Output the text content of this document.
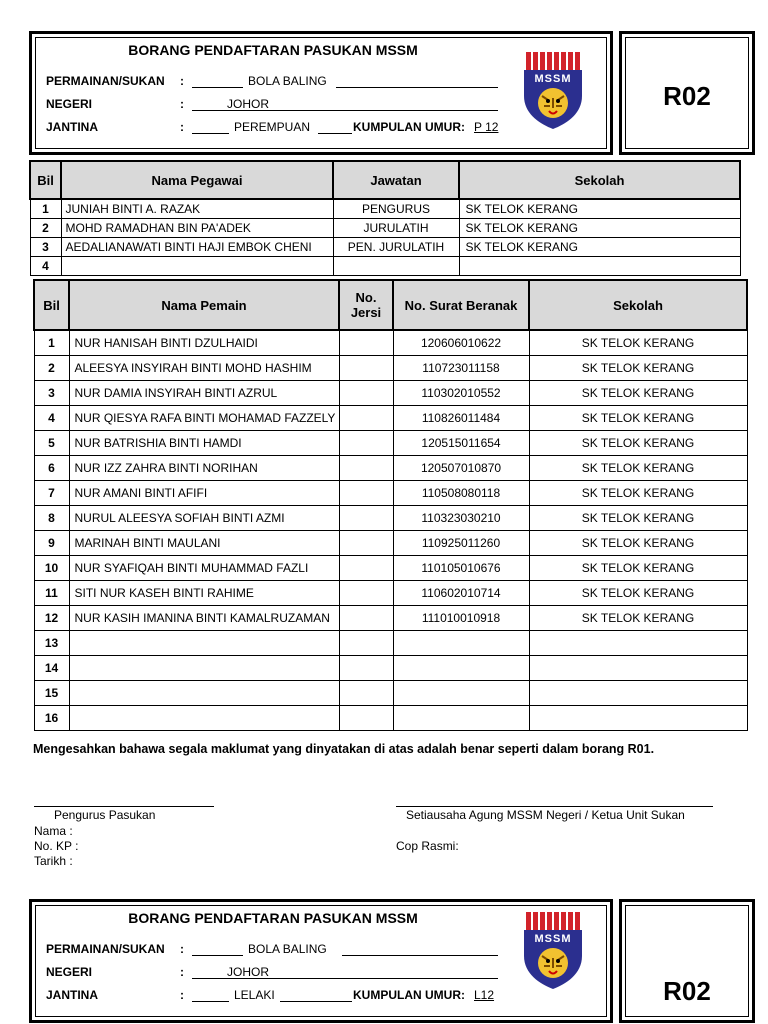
BORANG PENDAFTARAN PASUKAN MSSM
PERMAINAN/SUKAN :	BOLA BALING
NEGERI	:	JOHOR
JANTINA	:	PEREMPUAN	KUMPULAN UMUR: P 12
MSSM
R02
Bil	Nama Pegawai	Jawatan	Sekolah
1	JUNIAH BINTI A. RAZAK	PENGURUS	SK TELOK KERANG
2	MOHD RAMADHAN BIN PA'ADEK	JURULATIH	SK TELOK KERANG
3	AEDALIANAWATI BINTI HAJI EMBOK CHENI	PEN. JURULATIH	SK TELOK KERANG
4			
Bil	Nama Pemain	No. Jersi	No. Surat Beranak	Sekolah
1	NUR HANISAH BINTI DZULHAIDI		120606010622	SK TELOK KERANG
2	ALEESYA INSYIRAH BINTI MOHD HASHIM		110723011158	SK TELOK KERANG
3	NUR DAMIA INSYIRAH BINTI AZRUL		110302010552	SK TELOK KERANG
4	NUR QIESYA RAFA BINTI MOHAMAD FAZZELY		110826011484	SK TELOK KERANG
5	NUR BATRISHIA BINTI HAMDI		120515011654	SK TELOK KERANG
6	NUR IZZ ZAHRA BINTI NORIHAN		120507010870	SK TELOK KERANG
7	NUR AMANI BINTI AFIFI		110508080118	SK TELOK KERANG
8	NURUL ALEESYA SOFIAH BINTI AZMI		110323030210	SK TELOK KERANG
9	MARINAH BINTI MAULANI		110925011260	SK TELOK KERANG
10	NUR SYAFIQAH BINTI MUHAMMAD FAZLI		110105010676	SK TELOK KERANG
11	SITI NUR KASEH BINTI RAHIME		110602010714	SK TELOK KERANG
12	NUR KASIH IMANINA BINTI KAMALRUZAMAN		111010010918	SK TELOK KERANG
13				
14				
15				
16				
Mengesahkan bahawa segala maklumat yang dinyatakan di atas adalah benar seperti dalam borang R01.
Pengurus Pasukan
Nama :
No. KP :
Tarikh :
Setiausaha Agung MSSM Negeri / Ketua Unit Sukan
Cop Rasmi:
BORANG PENDAFTARAN PASUKAN MSSM
PERMAINAN/SUKAN :	BOLA BALING
NEGERI	:	JOHOR
JANTINA	:	LELAKI	KUMPULAN UMUR: L12
MSSM
R02
